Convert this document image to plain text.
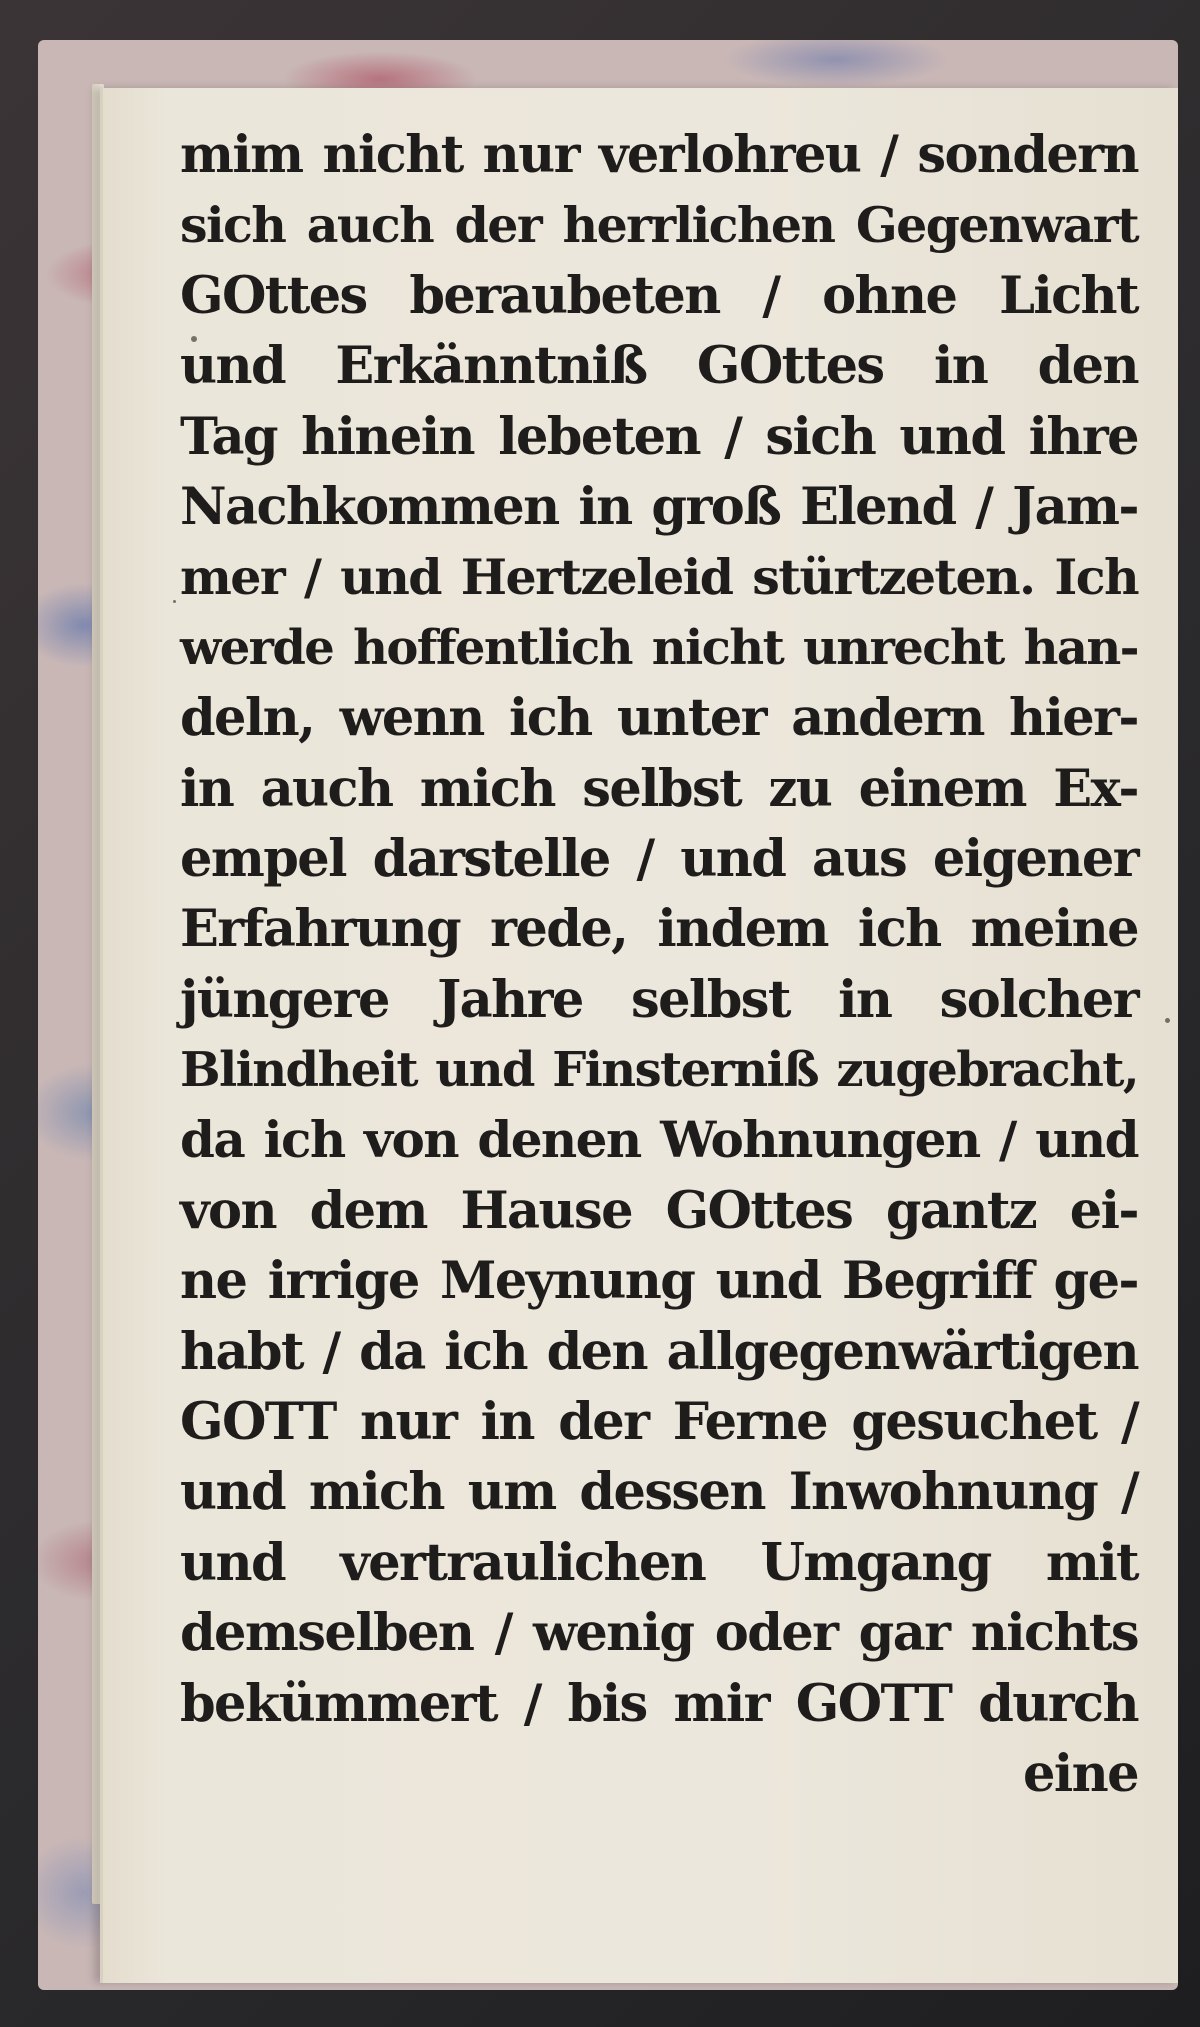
mim nicht nur verlohreu / sondern
sich auch der herrlichen Gegenwart
GOttes beraubeten / ohne Licht
und Erkänntniß GOttes in den
Tag hinein lebeten / sich und ihre
Nachkommen in groß Elend / Jam-
mer / und Hertzeleid stürtzeten. Ich
werde hoffentlich nicht unrecht han-
deln, wenn ich unter andern hier-
in auch mich selbst zu einem Ex-
empel darstelle / und aus eigener
Erfahrung rede, indem ich meine
jüngere Jahre selbst in solcher
Blindheit und Finsterniß zugebracht,
da ich von denen Wohnungen / und
von dem Hause GOttes gantz ei-
ne irrige Meynung und Begriff ge-
habt / da ich den allgegenwärtigen
GOTT nur in der Ferne gesuchet /
und mich um dessen Inwohnung /
und vertraulichen Umgang mit
demselben / wenig oder gar nichts
bekümmert / bis mir GOTT durch
eine
